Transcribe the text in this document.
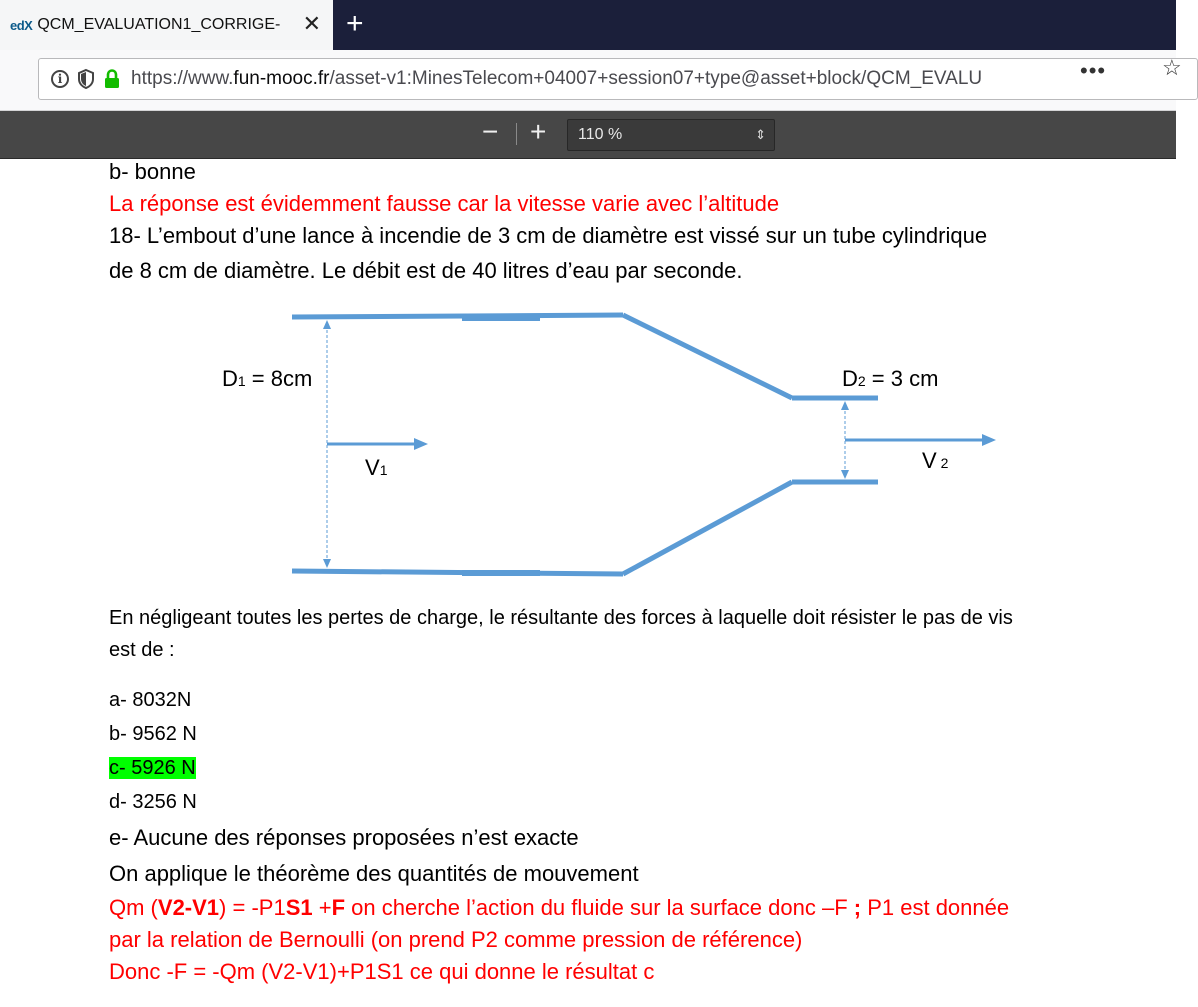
edX QCM_EVALUATION1_CORRIGE- ✕ +
i	https://www.fun-mooc.fr/asset-v1:MinesTelecom+04007+session07+type@asset+block/QCM_EVALU	•••	☆
− +	110 %	⇕
b- bonne
La réponse est évidemment fausse car la vitesse varie avec l’altitude
18- L’embout d’une lance à incendie de 3 cm de diamètre est vissé sur un tube cylindrique
de 8 cm de diamètre. Le débit est de 40 litres d’eau par seconde.
D1 = 8cm	D2 = 3 cm
V1	V 2
En négligeant toutes les pertes de charge, le résultante des forces à laquelle doit résister le pas de vis
est de :
a- 8032N
b- 9562 N
c- 5926 N
d- 3256 N
e- Aucune des réponses proposées n’est exacte
On applique le théorème des quantités de mouvement
Qm (V2-V1) = -P1S1 +F on cherche l’action du fluide sur la surface donc –F ; P1 est donnée
par la relation de Bernoulli (on prend P2 comme pression de référence)
Donc -F = -Qm (V2-V1)+P1S1 ce qui donne le résultat c
